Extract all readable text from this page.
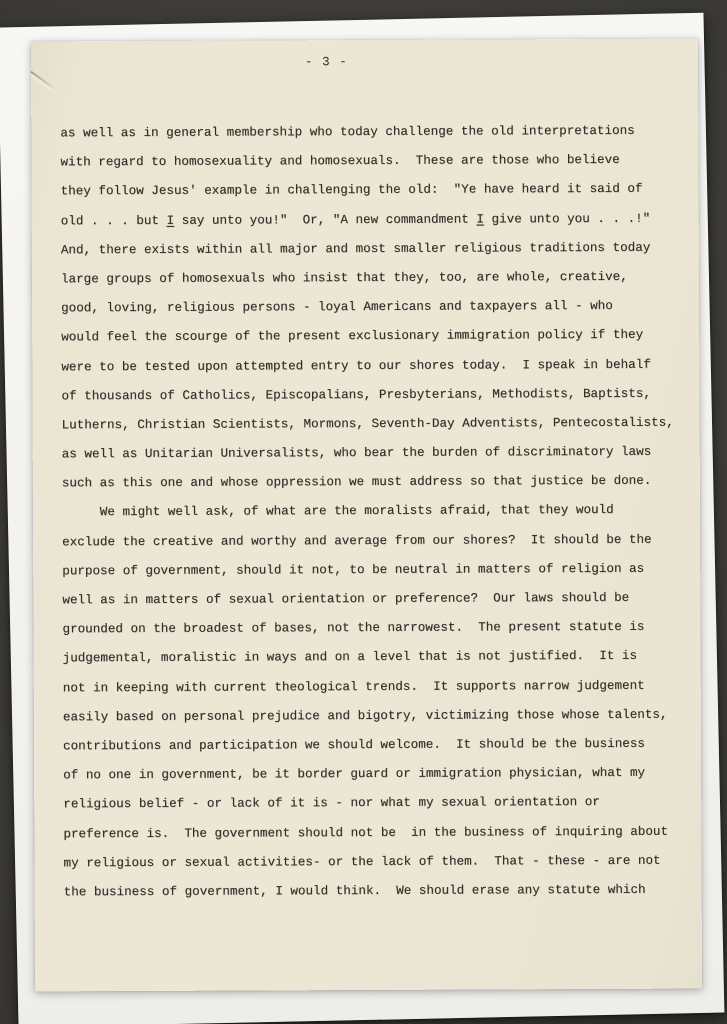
- 3 -
as well as in general membership who today challenge the old interpretations
with regard to homosexuality and homosexuals.  These are those who believe
they follow Jesus' example in challenging the old:  "Ye have heard it said of
old . . . but I say unto you!"  Or, "A new commandment I give unto you . . .!"
And, there exists within all major and most smaller religious traditions today
large groups of homosexuals who insist that they, too, are whole, creative,
good, loving, religious persons - loyal Americans and taxpayers all - who
would feel the scourge of the present exclusionary immigration policy if they
were to be tested upon attempted entry to our shores today.  I speak in behalf
of thousands of Catholics, Episcopalians, Presbyterians, Methodists, Baptists,
Lutherns, Christian Scientists, Mormons, Seventh-Day Adventists, Pentecostalists,
as well as Unitarian Universalists, who bear the burden of discriminatory laws
such as this one and whose oppression we must address so that justice be done.
We might well ask, of what are the moralists afraid, that they would
exclude the creative and worthy and average from our shores?  It should be the
purpose of government, should it not, to be neutral in matters of religion as
well as in matters of sexual orientation or preference?  Our laws should be
grounded on the broadest of bases, not the narrowest.  The present statute is
judgemental, moralistic in ways and on a level that is not justified.  It is
not in keeping with current theological trends.  It supports narrow judgement
easily based on personal prejudice and bigotry, victimizing those whose talents,
contributions and participation we should welcome.  It should be the business
of no one in government, be it border guard or immigration physician, what my
religious belief - or lack of it is - nor what my sexual orientation or
preference is.  The government should not be  in the business of inquiring about
my religious or sexual activities- or the lack of them.  That - these - are not
the business of government, I would think.  We should erase any statute which
